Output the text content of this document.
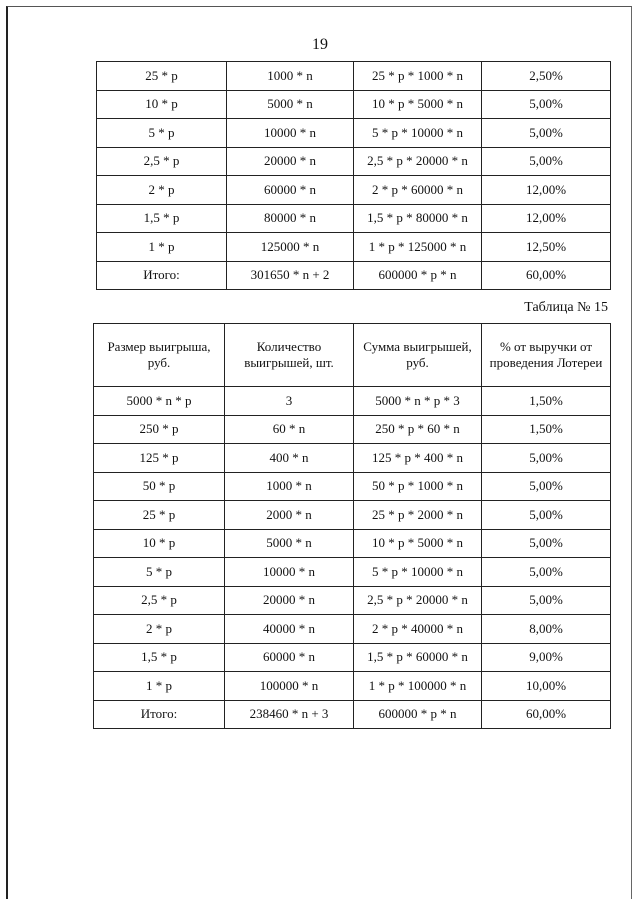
19
25 * p	1000 * n	25 * p * 1000 * n	2,50%
10 * p	5000 * n	10 * p * 5000 * n	5,00%
5 * p	10000 * n	5 * p * 10000 * n	5,00%
2,5 * p	20000 * n	2,5 * p * 20000 * n	5,00%
2 * p	60000 * n	2 * p * 60000 * n	12,00%
1,5 * p	80000 * n	1,5 * p * 80000 * n	12,00%
1 * p	125000 * n	1 * p * 125000 * n	12,50%
Итого:	301650 * n + 2	600000 * p * n	60,00%
Таблица № 15
Размер выигрыша, руб.	Количество выигрышей, шт.	Сумма выигрышей, руб.	% от выручки от проведения Лотереи
5000 * n * p	3	5000 * n * p * 3	1,50%
250 * p	60 * n	250 * p * 60 * n	1,50%
125 * p	400 * n	125 * p * 400 * n	5,00%
50 * p	1000 * n	50 * p * 1000 * n	5,00%
25 * p	2000 * n	25 * p * 2000 * n	5,00%
10 * p	5000 * n	10 * p * 5000 * n	5,00%
5 * p	10000 * n	5 * p * 10000 * n	5,00%
2,5 * p	20000 * n	2,5 * p * 20000 * n	5,00%
2 * p	40000 * n	2 * p * 40000 * n	8,00%
1,5 * p	60000 * n	1,5 * p * 60000 * n	9,00%
1 * p	100000 * n	1 * p * 100000 * n	10,00%
Итого:	238460 * n + 3	600000 * p * n	60,00%
